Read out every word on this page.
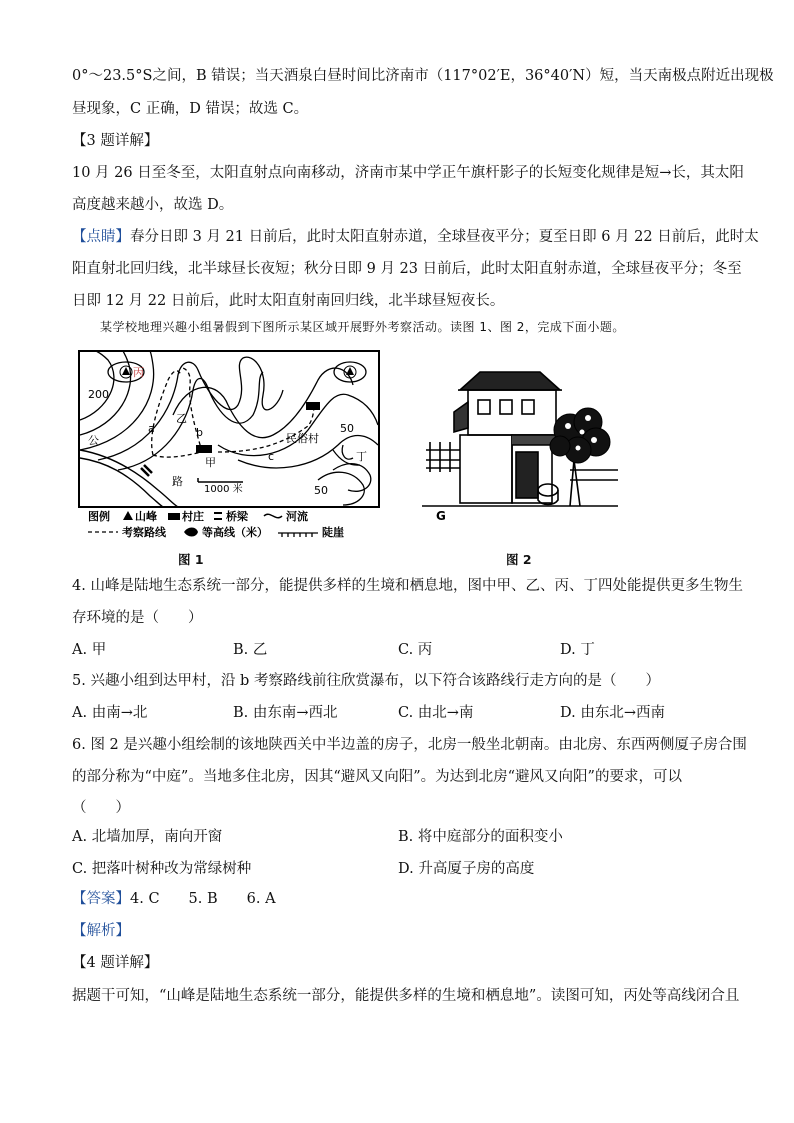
0°～23.5°S之间，B 错误；当天酒泉白昼时间比济南市（117°02′E，36°40′N）短，当天南极点附近出现极
昼现象，C 正确，D 错误；故选 C。
【3 题详解】
10 月 26 日至冬至，太阳直射点向南移动，济南市某中学正午旗杆影子的长短变化规律是短→长，其太阳
高度越来越小，故选 D。
【点睛】春分日即 3 月 21 日前后，此时太阳直射赤道，全球昼夜平分；夏至日即 6 月 22 日前后，此时太
阳直射北回归线，北半球昼长夜短；秋分日即 9 月 23 日前后，此时太阳直射赤道，全球昼夜平分；冬至
日即 12 月 22 日前后，此时太阳直射南回归线，北半球昼短夜长。
某学校地理兴趣小组暑假到下图所示某区域开展野外考察活动。读图 1、图 2，完成下面小题。
200
50
50
a	b
c
甲
乙
丙
丁
民俗村
公
路
1000 米
图例 山峰 村庄 桥梁	河流
考察路线	等高线（米）	陡崖
图 1
G
图 2
4. 山峰是陆地生态系统一部分，能提供多样的生境和栖息地，图中甲、乙、丙、丁四处能提供更多生物生
存环境的是（　　）
A. 甲	B. 乙	C. 丙	D. 丁
5. 兴趣小组到达甲村，沿 b 考察路线前往欣赏瀑布，以下符合该路线行走方向的是（　　）
A. 由南→北	B. 由东南→西北	C. 由北→南	D. 由东北→西南
6. 图 2 是兴趣小组绘制的该地陕西关中半边盖的房子，北房一般坐北朝南。由北房、东西两侧厦子房合围
的部分称为“中庭”。当地多住北房，因其“避风又向阳”。为达到北房“避风又向阳”的要求，可以
（　　）
A. 北墙加厚，南向开窗	B. 将中庭部分的面积变小
C. 把落叶树种改为常绿树种	D. 升高厦子房的高度
【答案】4. C　　5. B　　6. A
【解析】
【4 题详解】
据题干可知，“山峰是陆地生态系统一部分，能提供多样的生境和栖息地”。读图可知，丙处等高线闭合且
